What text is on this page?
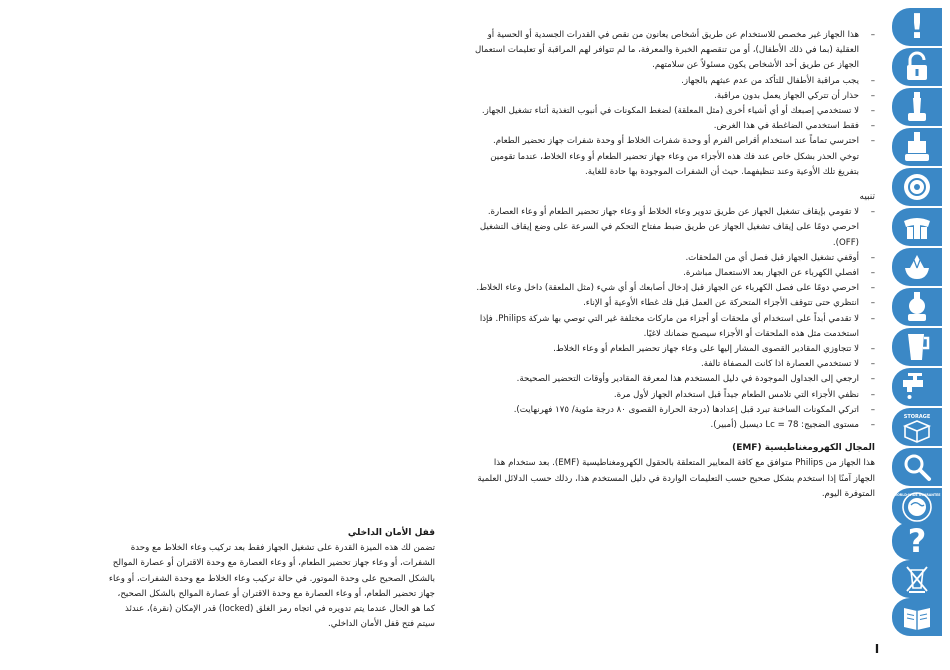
– هذا الجهاز غير مخصص للاستخدام عن طريق أشخاص يعانون من نقص في القدرات الجسدية أو الحسية أو العقلية (بما في ذلك الأطفال)، أو من تنقصهم الخبرة والمعرفة، ما لم تتوافر لهم المراقبة أو تعليمات استعمال الجهاز عن طريق أحد الأشخاص يكون مسئولاً عن سلامتهم.
– يجب مراقبة الأطفال للتأكد من عدم عبثهم بالجهاز.
– حذار أن تتركي الجهاز يعمل بدون مراقبة.
– لا تستخدمي إصبعك أو أي أشياء أخرى (مثل المعلقة) لضغط المكونات في أنبوب التغذية أثناء تشغيل الجهاز.
– فقط استخدمي الضاغطة في هذا الغرض.
– احترسي تماماً عند استخدام أقراص الفرم أو وحدة شفرات الخلاط أو وحدة شفرات جهاز تحضير الطعام. توخي الحذر بشكل خاص عند فك هذه الأجزاء من وعاء جهاز تحضير الطعام أو وعاء الخلاط، عندما تقومين بتفريغ تلك الأوعية وعند تنظيفهما. حيث أن الشفرات الموجودة بها حادة للغاية.
تنبيه
– لا تقومي بإيقاف تشغيل الجهاز عن طريق تدوير وعاء الخلاط أو وعاء جهاز تحضير الطعام أو وعاء العصارة. احرصي دومًا على إيقاف تشغيل الجهاز عن طريق ضبط مفتاح التحكم في السرعة على وضع إيقاف التشغيل (OFF).
– أوقفي تشغيل الجهاز قبل فصل أي من الملحقات.
– افصلي الكهرباء عن الجهاز بعد الاستعمال مباشرة.
– احرصي دومًا على فصل الكهرباء عن الجهاز قبل إدخال أصابعك أو أي شيء (مثل الملعقة) داخل وعاء الخلاط.
– انتظري حتى تتوقف الأجزاء المتحركة عن العمل قبل فك غطاء الأوعية أو الإناء.
– لا تقدمي أبداً على استخدام أي ملحقات أو أجزاء من ماركات مختلفة غير التي توصي بها شركة Philips. فإذا استخدمت مثل هذه الملحقات أو الأجزاء سيصبح ضمانك لاغيًا.
– لا تتجاوزي المقادير القصوى المشار إليها على وعاء جهاز تحضير الطعام أو وعاء الخلاط.
– لا تستخدمي العصارة اذا كانت المصفاة تالفة.
– ارجعي إلى الجداول الموجودة في دليل المستخدم هذا لمعرفة المقادير وأوقات التحضير الصحيحة.
– نظفي الأجزاء التي تلامس الطعام جيداً قبل استخدام الجهاز لأول مرة.
– اتركي المكونات الساخنة تبرد قبل إعدادها (درجة الحرارة القصوى ٨٠ درجة مئوية/ ١٧٥ فهرنهايت).
– مستوى الضجيج: Lc = 78 ديسبل (أمبير).
المجال الكهرومغناطيسية (EMF)

هذا الجهاز من Philips متوافق مع كافة المعايير المتعلقة بالحقول الكهرومغناطيسية (EMF). بعد ستخدام هذا الجهاز آمنًا إذا استخدم بشكل صحيح حسب التعليمات الواردة في دليل المستخدم هذا، رذلك حسب الدلائل العلمية المتوفرة اليوم.

قفل الأمان الداخلي

تضمن لك هذه الميزة القدرة على تشغيل الجهاز فقط بعد تركيب وعاء الخلاط مع وحدة الشفرات، أو وعاء جهاز تحضير الطعام، أو وعاء العصارة مع وحدة الاقتران أو عصارة الموالح بالشكل الصحيح على وحدة الموتور. في حالة تركيب وعاء الخلاط مع وحدة الشفرات، أو وعاء جهاز تحضير الطعام، أو وعاء العصارة مع وحدة الاقتران أو عصارة الموالح بالشكل الصحيح، كما هو الحال عندما يتم تدويره في اتجاه رمز الغلق (locked) قدر الإمكان (نقرة)، عندئذ سيتم فتح قفل الأمان الداخلي.

!
STORAGE
WORLD-WIDE GUARANTEE
?
I
